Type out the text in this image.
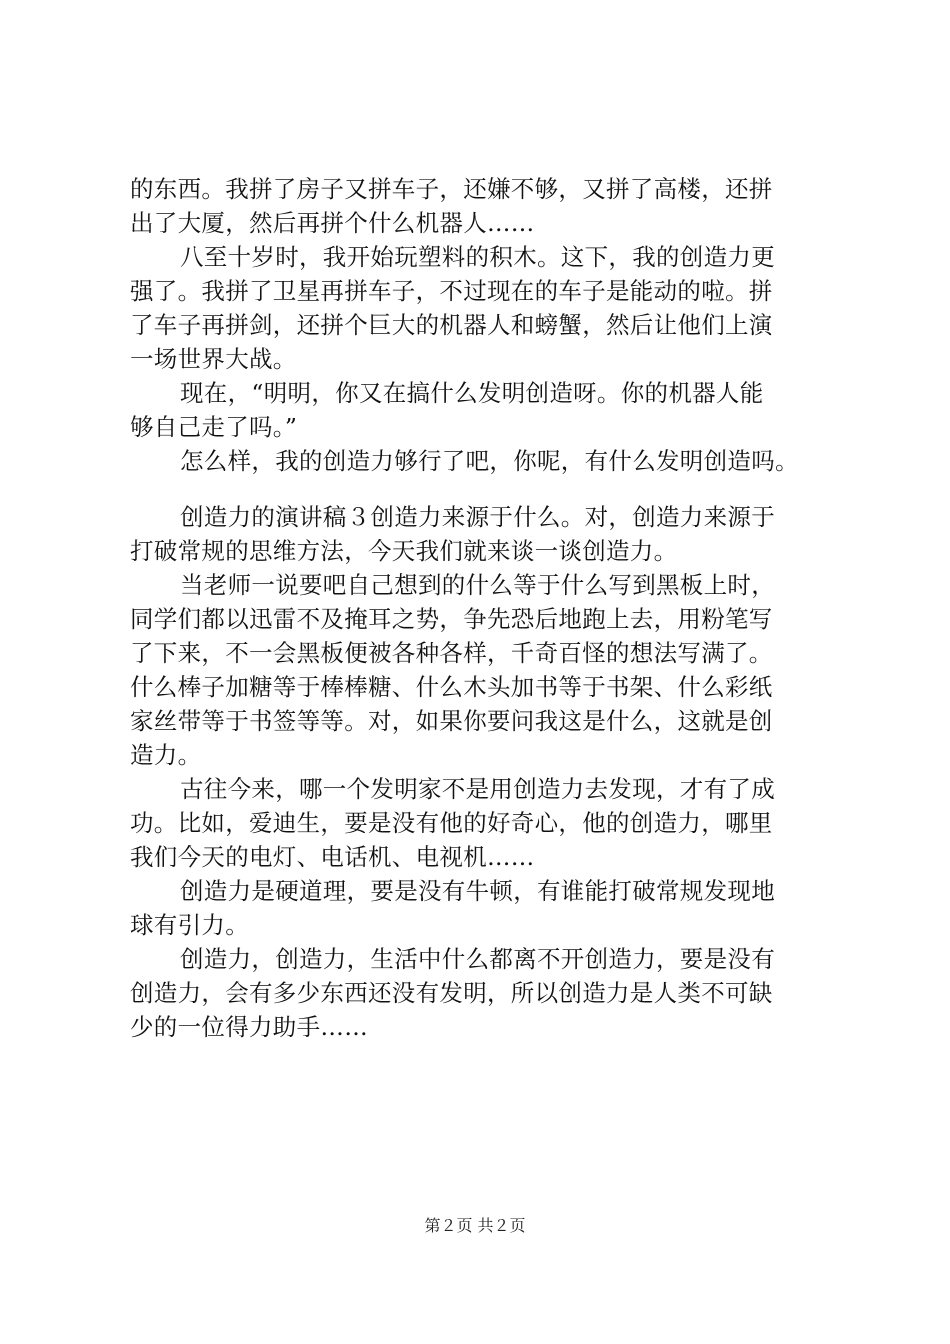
的东西。我拼了房子又拼车子，还嫌不够，又拼了高楼，还拼
出了大厦，然后再拼个什么机器人……
八至十岁时，我开始玩塑料的积木。这下，我的创造力更
强了。我拼了卫星再拼车子，不过现在的车子是能动的啦。拼
了车子再拼剑，还拼个巨大的机器人和螃蟹，然后让他们上演
一场世界大战。
现在，“明明，你又在搞什么发明创造呀。你的机器人能
够自己走了吗。”
怎么样，我的创造力够行了吧，你呢，有什么发明创造吗。
创造力的演讲稿３创造力来源于什么。对，创造力来源于
打破常规的思维方法，今天我们就来谈一谈创造力。
当老师一说要吧自己想到的什么等于什么写到黑板上时，
同学们都以迅雷不及掩耳之势，争先恐后地跑上去，用粉笔写
了下来，不一会黑板便被各种各样，千奇百怪的想法写满了。
什么棒子加糖等于棒棒糖、什么木头加书等于书架、什么彩纸
家丝带等于书签等等。对，如果你要问我这是什么，这就是创
造力。
古往今来，哪一个发明家不是用创造力去发现，才有了成
功。比如，爱迪生，要是没有他的好奇心，他的创造力，哪里
我们今天的电灯、电话机、电视机……
创造力是硬道理，要是没有牛顿，有谁能打破常规发现地
球有引力。
创造力，创造力，生活中什么都离不开创造力，要是没有
创造力，会有多少东西还没有发明，所以创造力是人类不可缺
少的一位得力助手……
第２页 共２页
